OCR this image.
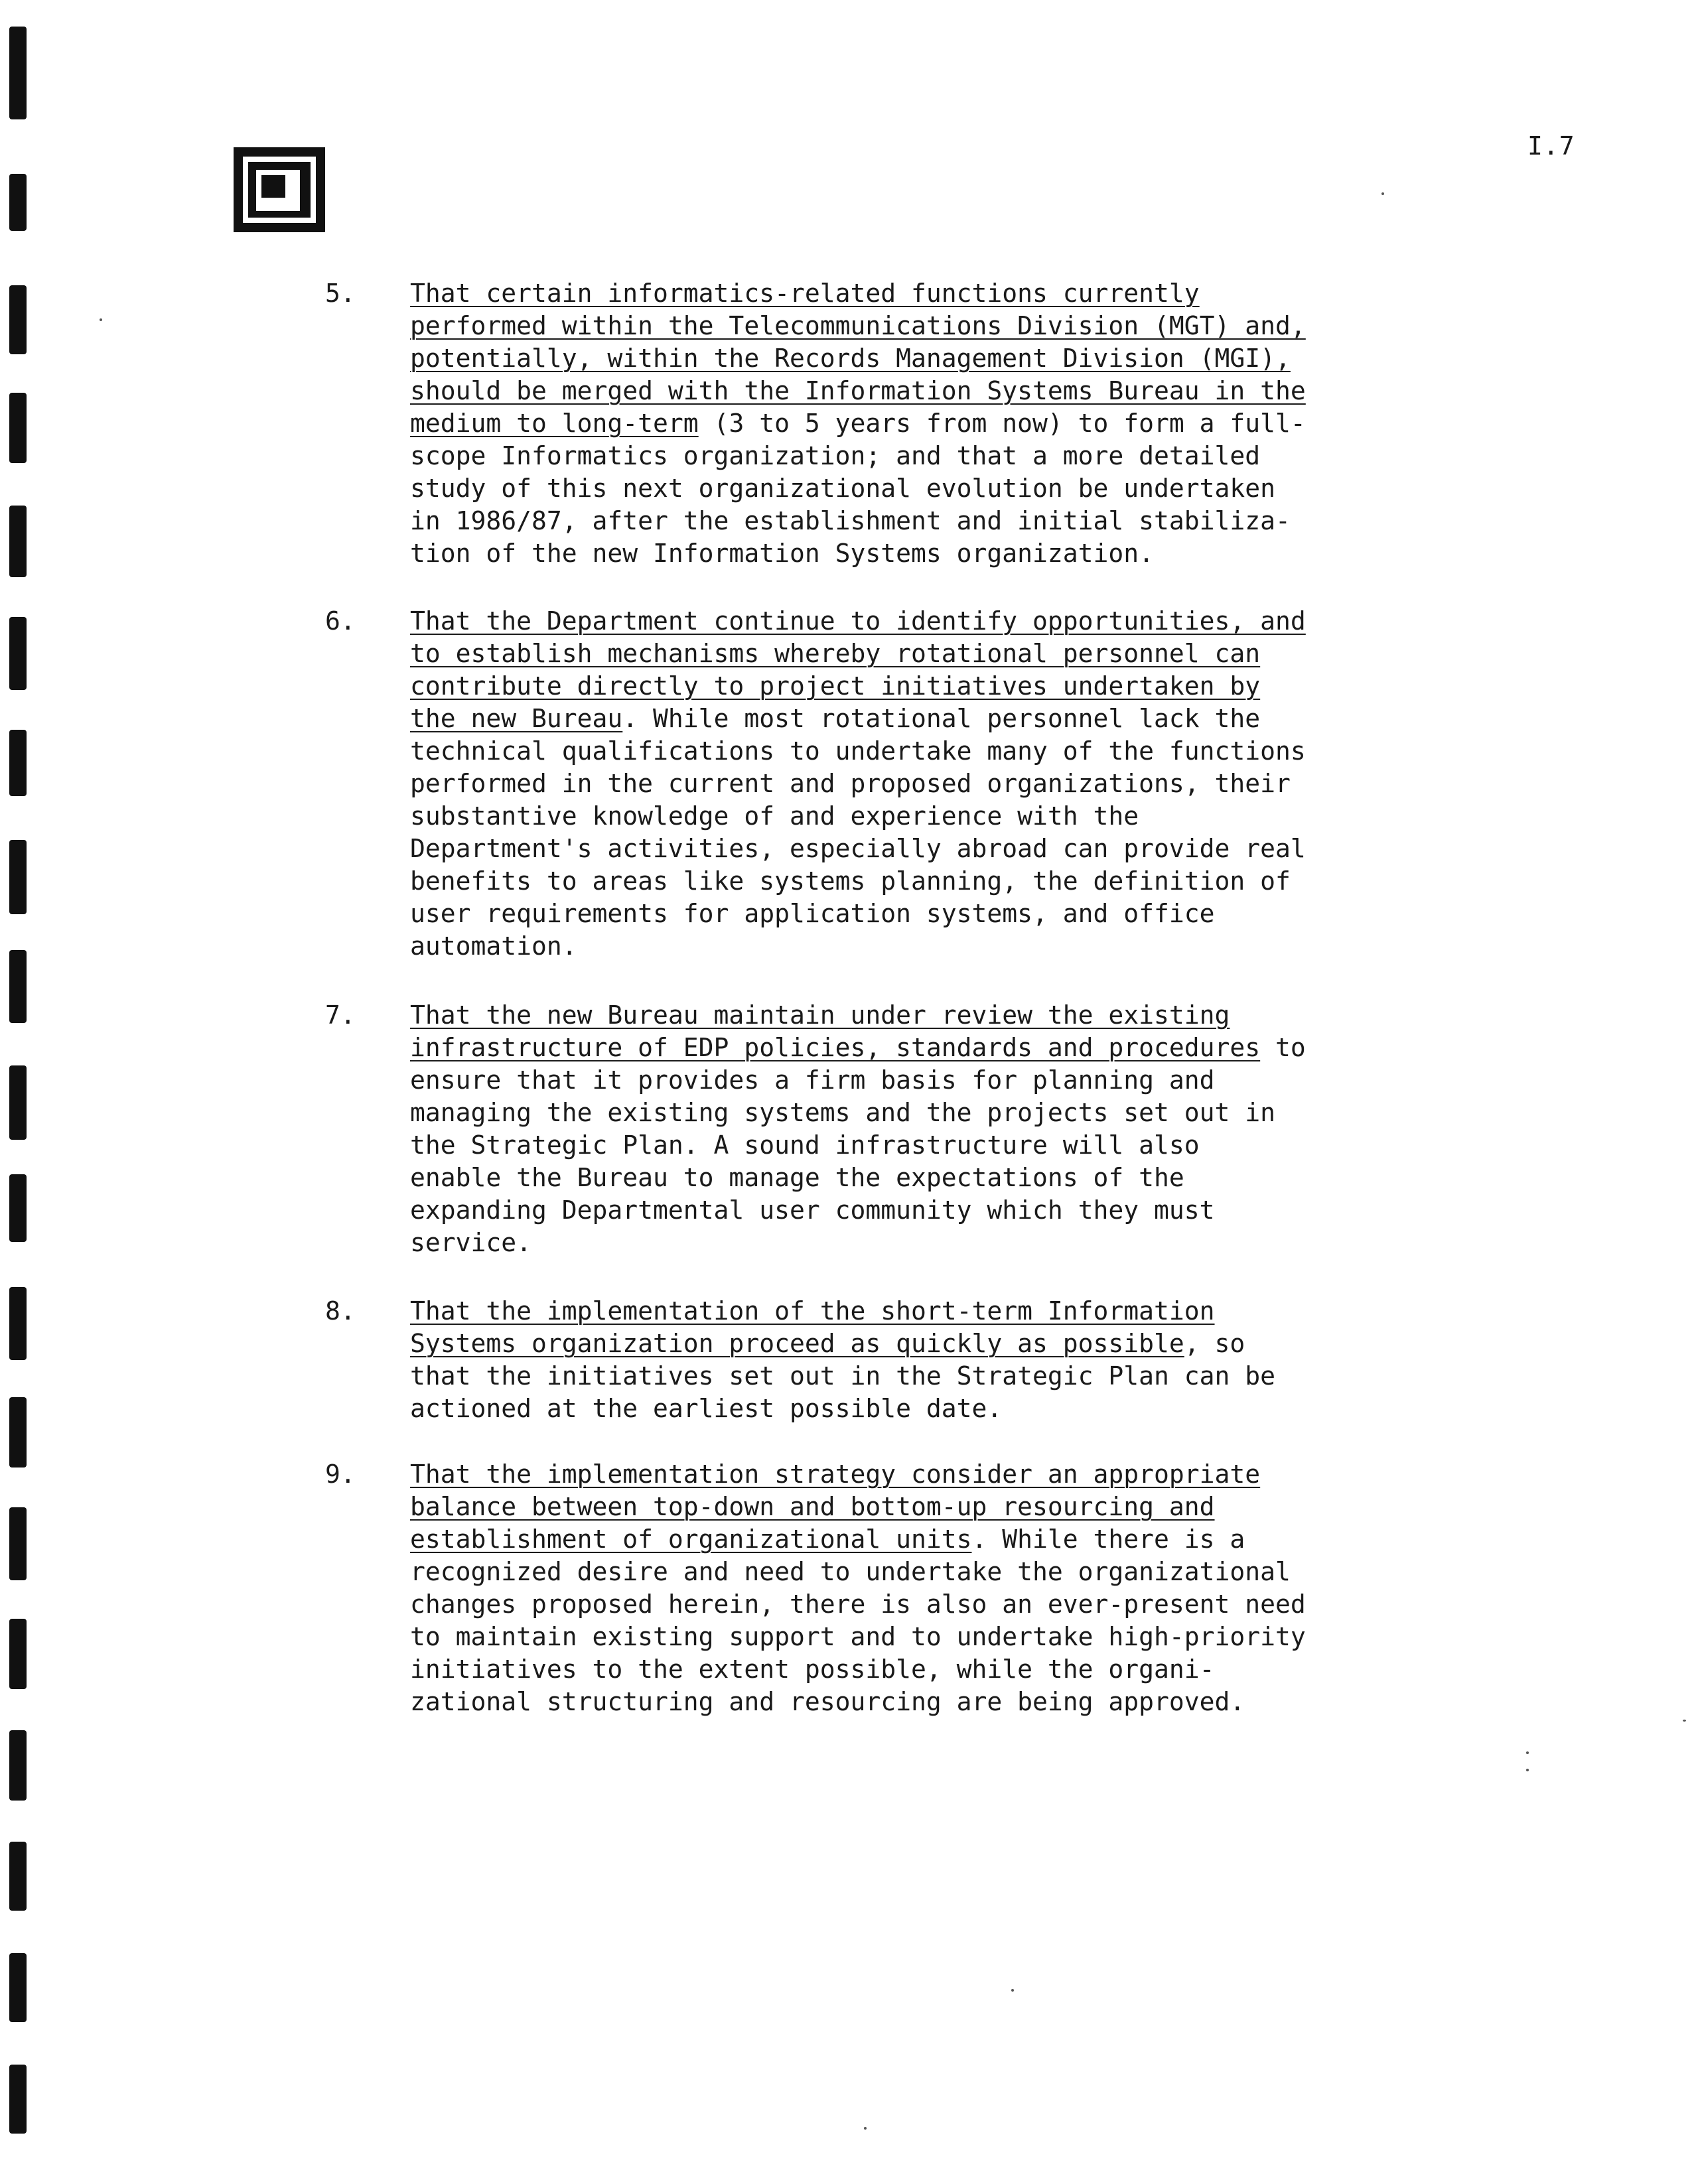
I.7
5. That certain informatics-related functions currently
performed within the Telecommunications Division (MGT) and,
potentially, within the Records Management Division (MGI),
should be merged with the Information Systems Bureau in the
medium to long-term (3 to 5 years from now) to form a full-
scope Informatics organization; and that a more detailed
study of this next organizational evolution be undertaken
in 1986/87, after the establishment and initial stabiliza-
tion of the new Information Systems organization.
6. That the Department continue to identify opportunities, and
to establish mechanisms whereby rotational personnel can
contribute directly to project initiatives undertaken by
the new Bureau. While most rotational personnel lack the
technical qualifications to undertake many of the functions
performed in the current and proposed organizations, their
substantive knowledge of and experience with the
Department's activities, especially abroad can provide real
benefits to areas like systems planning, the definition of
user requirements for application systems, and office
automation.
7. That the new Bureau maintain under review the existing
infrastructure of EDP policies, standards and procedures to
ensure that it provides a firm basis for planning and
managing the existing systems and the projects set out in
the Strategic Plan. A sound infrastructure will also
enable the Bureau to manage the expectations of the
expanding Departmental user community which they must
service.
8. That the implementation of the short-term Information
Systems organization proceed as quickly as possible, so
that the initiatives set out in the Strategic Plan can be
actioned at the earliest possible date.
9. That the implementation strategy consider an appropriate
balance between top-down and bottom-up resourcing and
establishment of organizational units. While there is a
recognized desire and need to undertake the organizational
changes proposed herein, there is also an ever-present need
to maintain existing support and to undertake high-priority
initiatives to the extent possible, while the organi-
zational structuring and resourcing are being approved.
